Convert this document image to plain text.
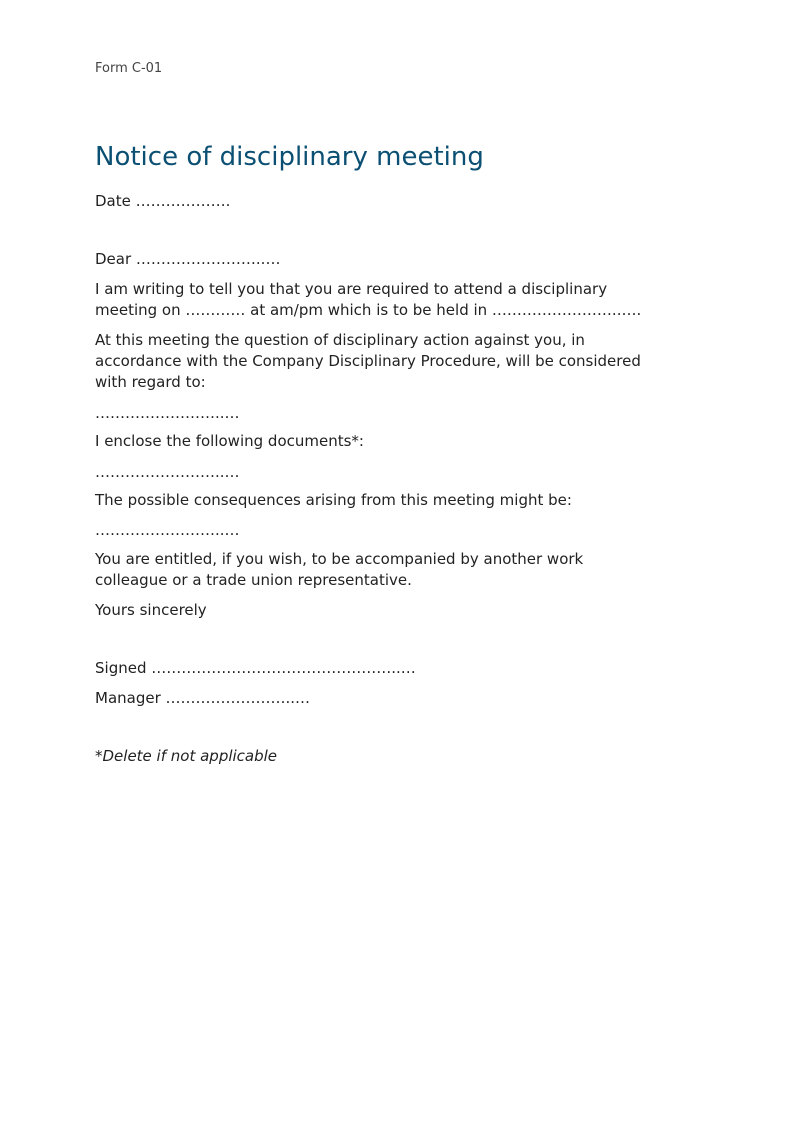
Form C-01
Notice of disciplinary meeting
Date ……………….
Dear ……………………..…
I am writing to tell you that you are required to attend a disciplinary
meeting on ………… at am/pm which is to be held in ……………………..….
At this meeting the question of disciplinary action against you, in
accordance with the Company Disciplinary Procedure, will be considered
with regard to:
……………………..…
I enclose the following documents*:
……………………..…
The possible consequences arising from this meeting might be:
……………………..…
You are entitled, if you wish, to be accompanied by another work
colleague or a trade union representative.
Yours sincerely
Signed …………………………………………..…
Manager ……………………..…
*Delete if not applicable
